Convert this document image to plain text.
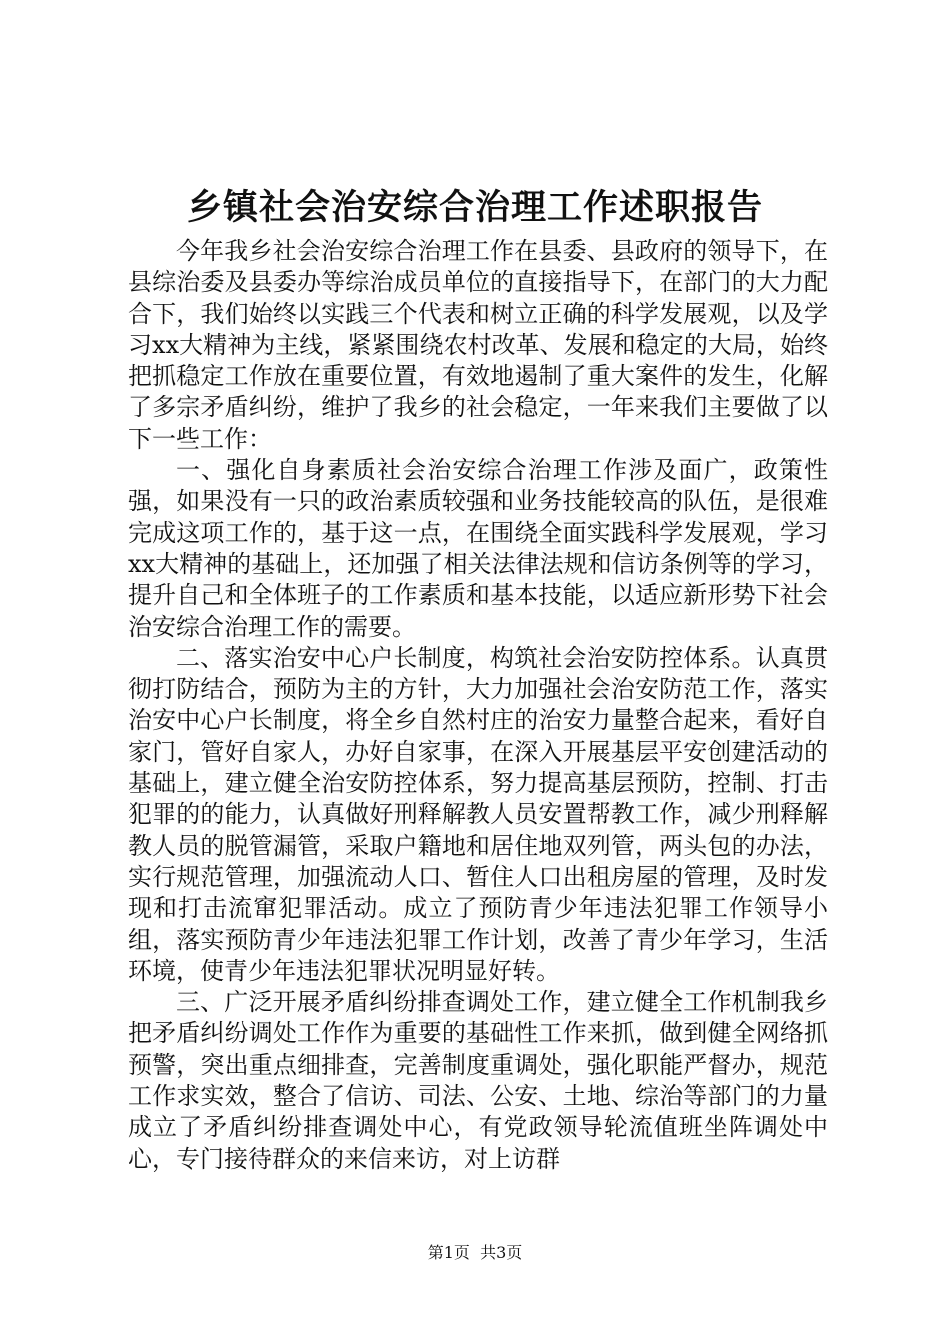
乡镇社会治安综合治理工作述职报告

今年我乡社会治安综合治理工作在县委、县政府的领导下，在县综治委及县委办等综治成员单位的直接指导下，在部门的大力配合下，我们始终以实践三个代表和树立正确的科学发展观，以及学习xx大精神为主线，紧紧围绕农村改革、发展和稳定的大局，始终把抓稳定工作放在重要位置，有效地遏制了重大案件的发生，化解了多宗矛盾纠纷，维护了我乡的社会稳定，一年来我们主要做了以下一些工作：

一、强化自身素质社会治安综合治理工作涉及面广，政策性强，如果没有一只的政治素质较强和业务技能较高的队伍，是很难完成这项工作的，基于这一点，在围绕全面实践科学发展观，学习xx大精神的基础上，还加强了相关法律法规和信访条例等的学习，提升自己和全体班子的工作素质和基本技能，以适应新形势下社会治安综合治理工作的需要。

二、落实治安中心户长制度，构筑社会治安防控体系。认真贯彻打防结合，预防为主的方针，大力加强社会治安防范工作，落实治安中心户长制度，将全乡自然村庄的治安力量整合起来，看好自家门，管好自家人，办好自家事，在深入开展基层平安创建活动的基础上，建立健全治安防控体系，努力提高基层预防，控制、打击犯罪的的能力，认真做好刑释解教人员安置帮教工作，减少刑释解教人员的脱管漏管，采取户籍地和居住地双列管，两头包的办法，实行规范管理，加强流动人口、暂住人口出租房屋的管理，及时发现和打击流窜犯罪活动。成立了预防青少年违法犯罪工作领导小组，落实预防青少年违法犯罪工作计划，改善了青少年学习，生活环境，使青少年违法犯罪状况明显好转。

三、广泛开展矛盾纠纷排查调处工作，建立健全工作机制我乡把矛盾纠纷调处工作作为重要的基础性工作来抓，做到健全网络抓预警，突出重点细排查，完善制度重调处，强化职能严督办，规范工作求实效，整合了信访、司法、公安、土地、综治等部门的力量成立了矛盾纠纷排查调处中心，有党政领导轮流值班坐阵调处中心，专门接待群众的来信来访，对上访群

第1页 共3页
